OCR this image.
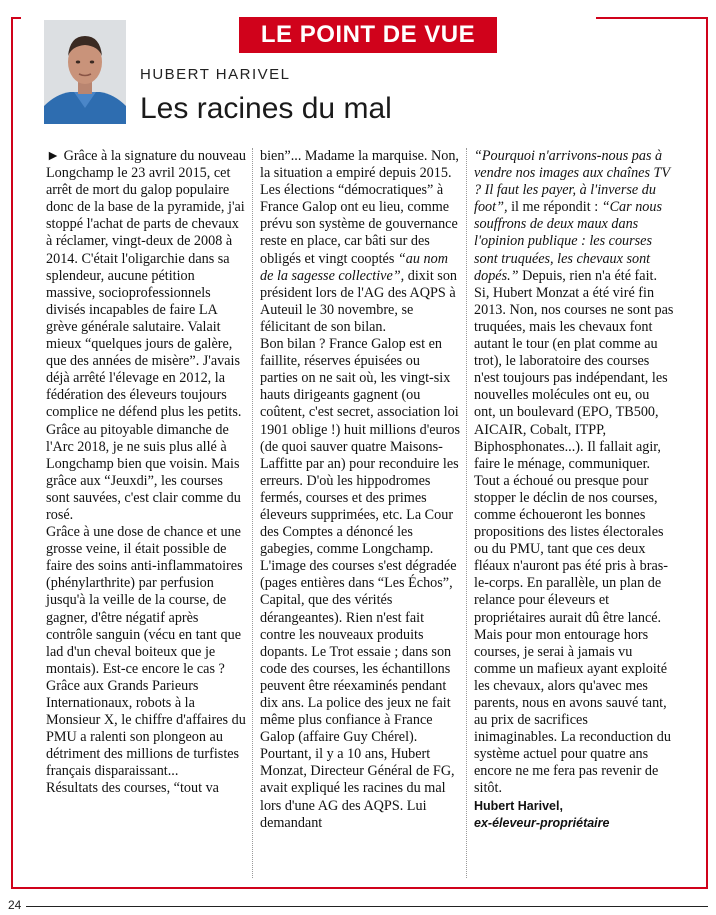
LE POINT DE VUE
HUBERT HARIVEL
Les racines du mal

► Grâce à la signature du nouveau Longchamp le 23 avril 2015, cet arrêt de mort du galop populaire donc de la base de la pyramide, j'ai stoppé l'achat de parts de chevaux à réclamer, vingt-deux de 2008 à 2014. C'était l'oligarchie dans sa splendeur, aucune pétition massive, socioprofessionnels divisés incapables de faire LA grève générale salutaire. Valait mieux “quelques jours de galère, que des années de misère”. J'avais déjà arrêté l'élevage en 2012, la fédération des éleveurs toujours complice ne défend plus les petits.

Grâce au pitoyable dimanche de l'Arc 2018, je ne suis plus allé à Longchamp bien que voisin. Mais grâce aux “Jeuxdi”, les courses sont sauvées, c'est clair comme du rosé.

Grâce à une dose de chance et une grosse veine, il était possible de faire des soins anti-inflammatoires (phénylarthrite) par perfusion jusqu'à la veille de la course, de gagner, d'être négatif après contrôle sanguin (vécu en tant que lad d'un cheval boiteux que je montais). Est-ce encore le cas ?

Grâce aux Grands Parieurs Internationaux, robots à la Monsieur X, le chiffre d'affaires du PMU a ralenti son plongeon au détriment des millions de turfistes français disparaissant...

Résultats des courses, “tout va

bien”... Madame la marquise. Non, la situation a empiré depuis 2015. Les élections “démocratiques” à France Galop ont eu lieu, comme prévu son système de gouvernance reste en place, car bâti sur des obligés et vingt cooptés “au nom de la sagesse collective”, dixit son président lors de l'AG des AQPS à Auteuil le 30 novembre, se félicitant de son bilan.

Bon bilan ? France Galop est en faillite, réserves épuisées ou parties on ne sait où, les vingt-six hauts dirigeants gagnent (ou coûtent, c'est secret, association loi 1901 oblige !) huit millions d'euros (de quoi sauver quatre Maisons-Laffitte par an) pour reconduire les erreurs. D'où les hippodromes fermés, courses et des primes éleveurs supprimées, etc. La Cour des Comptes a dénoncé les gabegies, comme Longchamp. L'image des courses s'est dégradée (pages entières dans “Les Échos”, Capital, que des vérités dérangeantes). Rien n'est fait contre les nouveaux produits dopants. Le Trot essaie ; dans son code des courses, les échantillons peuvent être réexaminés pendant dix ans. La police des jeux ne fait même plus confiance à France Galop (affaire Guy Chérel).

Pourtant, il y a 10 ans, Hubert Monzat, Directeur Général de FG, avait expliqué les racines du mal lors d'une AG des AQPS. Lui demandant

“Pourquoi n'arrivons-nous pas à vendre nos images aux chaînes TV ? Il faut les payer, à l'inverse du foot”, il me répondit : “Car nous souffrons de deux maux dans l'opinion publique : les courses sont truquées, les chevaux sont dopés.” Depuis, rien n'a été fait. Si, Hubert Monzat a été viré fin 2013. Non, nos courses ne sont pas truquées, mais les chevaux font autant le tour (en plat comme au trot), le laboratoire des courses n'est toujours pas indépendant, les nouvelles molécules ont eu, ou ont, un boulevard (EPO, TB500, AICAIR, Cobalt, ITPP, Biphosphonates...). Il fallait agir, faire le ménage, communiquer.

Tout a échoué ou presque pour stopper le déclin de nos courses, comme échoueront les bonnes propositions des listes électorales ou du PMU, tant que ces deux fléaux n'auront pas été pris à bras-le-corps. En parallèle, un plan de relance pour éleveurs et propriétaires aurait dû être lancé.

Mais pour mon entourage hors courses, je serai à jamais vu comme un mafieux ayant exploité les chevaux, alors qu'avec mes parents, nous en avons sauvé tant, au prix de sacrifices inimaginables. La reconduction du système actuel pour quatre ans encore ne me fera pas revenir de sitôt.

Hubert Harivel,
ex-éleveur-propriétaire
24
